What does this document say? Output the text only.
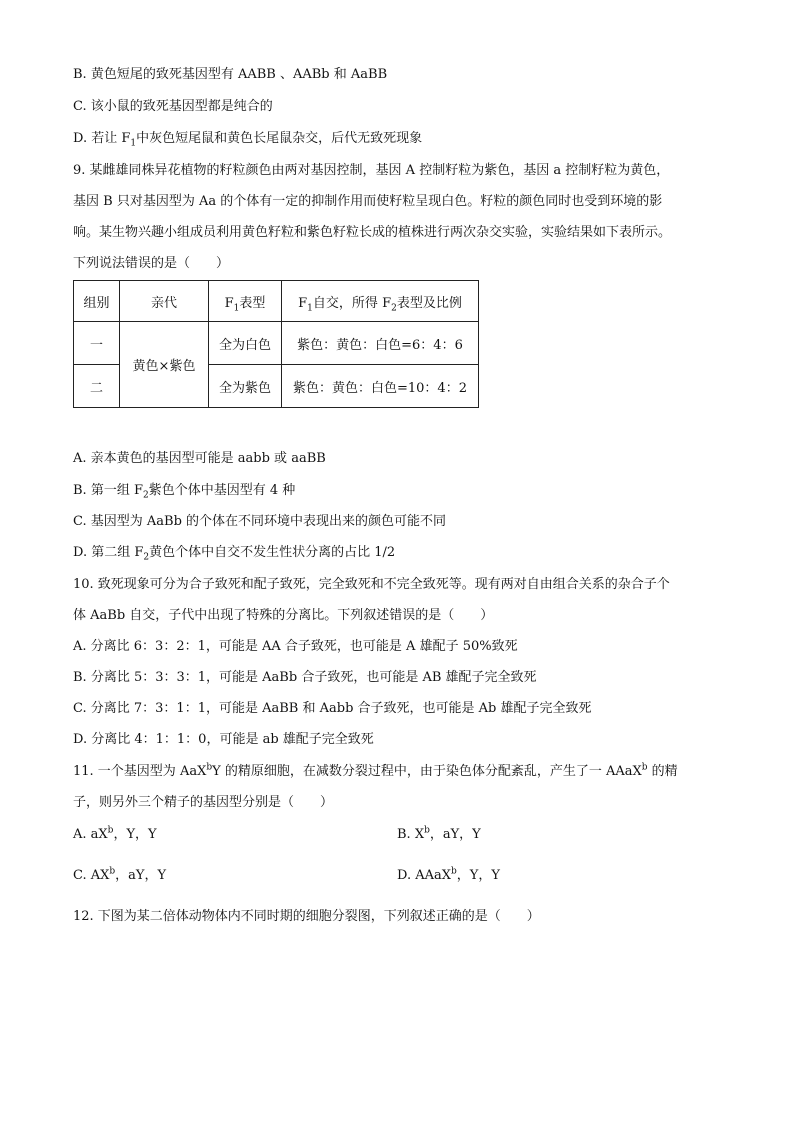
B. 黄色短尾的致死基因型有 AABB 、AABb 和 AaBB
C. 该小鼠的致死基因型都是纯合的
D. 若让 $F_1$中灰色短尾鼠和黄色长尾鼠杂交，后代无致死现象
9. 某雌雄同株异花植物的籽粒颜色由两对基因控制，基因 A 控制籽粒为紫色，基因 a 控制籽粒为黄色，
基因 B 只对基因型为 Aa 的个体有一定的抑制作用而使籽粒呈现白色。籽粒的颜色同时也受到环境的影
响。某生物兴趣小组成员利用黄色籽粒和紫色籽粒长成的植株进行两次杂交实验，实验结果如下表所示。
下列说法错误的是（　　）
组别	亲代	$F_1$表型	$F_1$自交，所得 $F_2$表型及比例
一	黄色×紫色	全为白色	紫色：黄色：白色=6：4：6
二		全为紫色	紫色：黄色：白色=10：4：2
A. 亲本黄色的基因型可能是 aabb 或 aaBB
B. 第一组 $F_2$紫色个体中基因型有 4 种
C. 基因型为 AaBb 的个体在不同环境中表现出来的颜色可能不同
D. 第二组 $F_2$黄色个体中自交不发生性状分离的占比 1/2
10. 致死现象可分为合子致死和配子致死，完全致死和不完全致死等。现有两对自由组合关系的杂合子个
体 AaBb 自交，子代中出现了特殊的分离比。下列叙述错误的是（　　）
A. 分离比 6：3：2：1，可能是 AA 合子致死，也可能是 A 雄配子 50%致死
B. 分离比 5：3：3：1，可能是 AaBb 合子致死，也可能是 AB 雄配子完全致死
C. 分离比 7：3：1：1，可能是 AaBB 和 Aabb 合子致死，也可能是 Ab 雄配子完全致死
D. 分离比 4：1：1：0，可能是 ab 雄配子完全致死
11. 一个基因型为 AaX$^b$Y 的精原细胞，在减数分裂过程中，由于染色体分配紊乱，产生了一 AAaX$^b$ 的精
子，则另外三个精子的基因型分别是（　　）
A. $aX^b$，Y，Y	B. $X^b$，aY，Y
C. $AX^b$，aY，Y	D. AAaX$^b$，Y，Y
12. 下图为某二倍体动物体内不同时期的细胞分裂图，下列叙述正确的是（　　）
